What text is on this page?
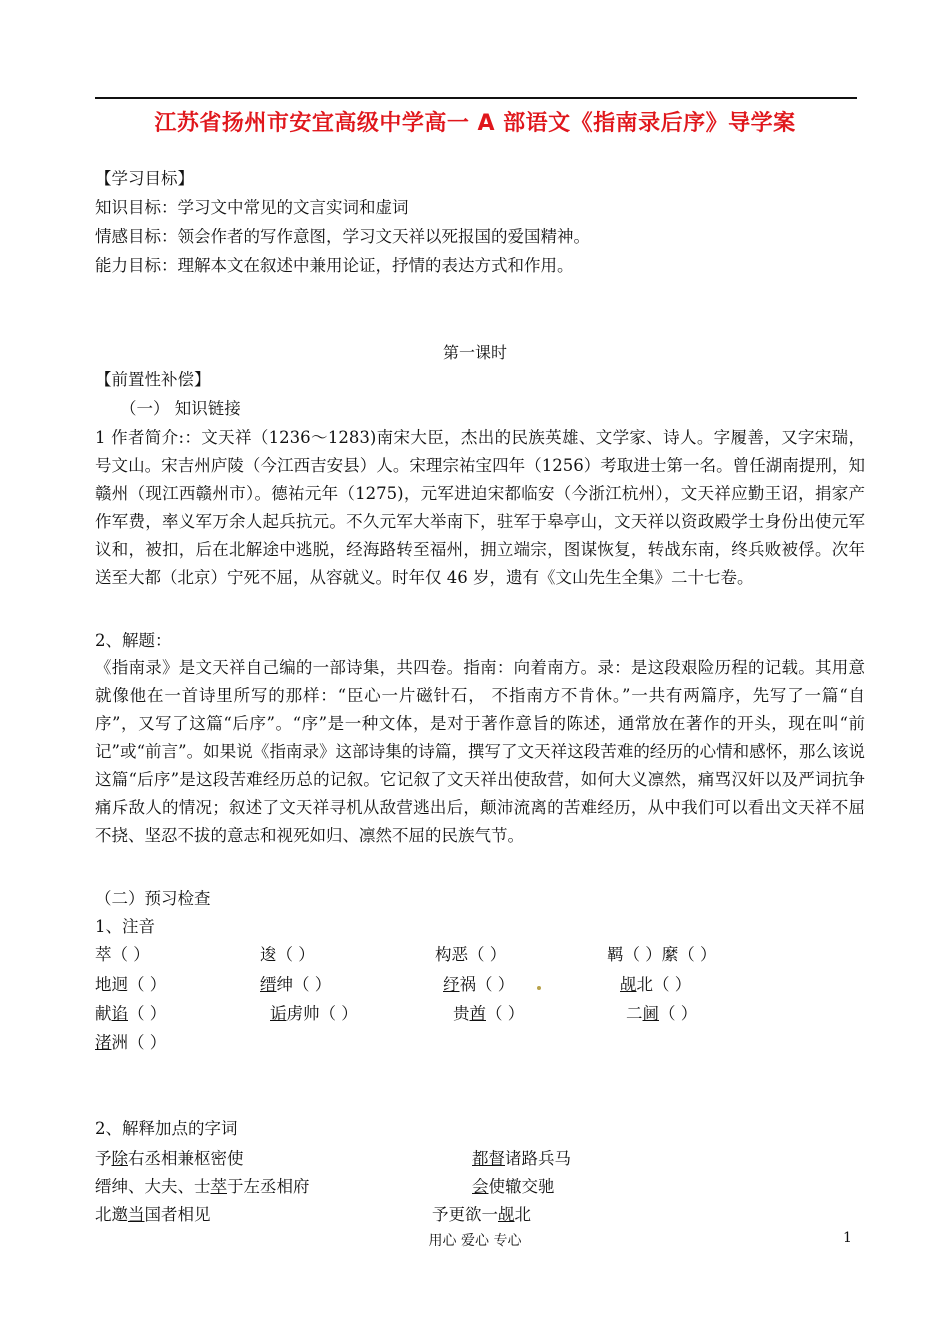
江苏省扬州市安宜高级中学高一 A 部语文《指南录后序》导学案
【学习目标】
知识目标：学习文中常见的文言实词和虚词
情感目标：领会作者的写作意图，学习文天祥以死报国的爱国精神。
能力目标：理解本文在叙述中兼用论证，抒情的表达方式和作用。
第一课时
【前置性补偿】
（一） 知识链接
1 作者简介:：文天祥（1236～1283)南宋大臣，杰出的民族英雄、文学家、诗人。字履善，又字宋瑞，号文山。宋吉州庐陵（今江西吉安县）人。宋理宗祐宝四年（1256）考取进士第一名。曾任湖南提刑，知赣州（现江西赣州市）。德祐元年（1275)，元军进迫宋都临安（今浙江杭州），文天祥应勤王诏，捐家产作军费，率义军万余人起兵抗元。不久元军大举南下，驻军于皋亭山，文天祥以资政殿学士身份出使元军议和，被扣，后在北解途中逃脱，经海路转至福州，拥立端宗，图谋恢复，转战东南，终兵败被俘。次年送至大都（北京）宁死不屈，从容就义。时年仅 46 岁，遗有《文山先生全集》二十七卷。
2、解题：
《指南录》是文天祥自己编的一部诗集，共四卷。指南：向着南方。录：是这段艰险历程的记载。其用意就像他在一首诗里所写的那样：“臣心一片磁针石， 不指南方不肯休。”一共有两篇序，先写了一篇“自序”，又写了这篇“后序”。“序”是一种文体，是对于著作意旨的陈述，通常放在著作的开头，现在叫“前记”或“前言”。如果说《指南录》这部诗集的诗篇，撰写了文天祥这段苦难的经历的心情和感怀，那么该说这篇“后序”是这段苦难经历总的记叙。它记叙了文天祥出使敌营，如何大义凛然，痛骂汉奸以及严词抗争痛斥敌人的情况；叙述了文天祥寻机从敌营逃出后，颠沛流离的苦难经历，从中我们可以看出文天祥不屈不挠、坚忍不拔的意志和视死如归、凛然不屈的民族气节。
（二）预习检查
1、注音
萃（ ）	逡（ ）	构恶（ ）	羁（ ）縻（ ）
地迥（ ）	缙绅（ ）	纾祸（ ）	觇北（ ）
献谄（ ）	诟虏帅（ ）	贵酋（ ）	二阃（ ）
渚洲（ ）
2、解释加点的字词
予除右丞相兼枢密使	都督诸路兵马
缙绅、大夫、士萃于左丞相府	会使辙交驰
北邀当国者相见	予更欲一觇北
用心 爱心 专心	1
